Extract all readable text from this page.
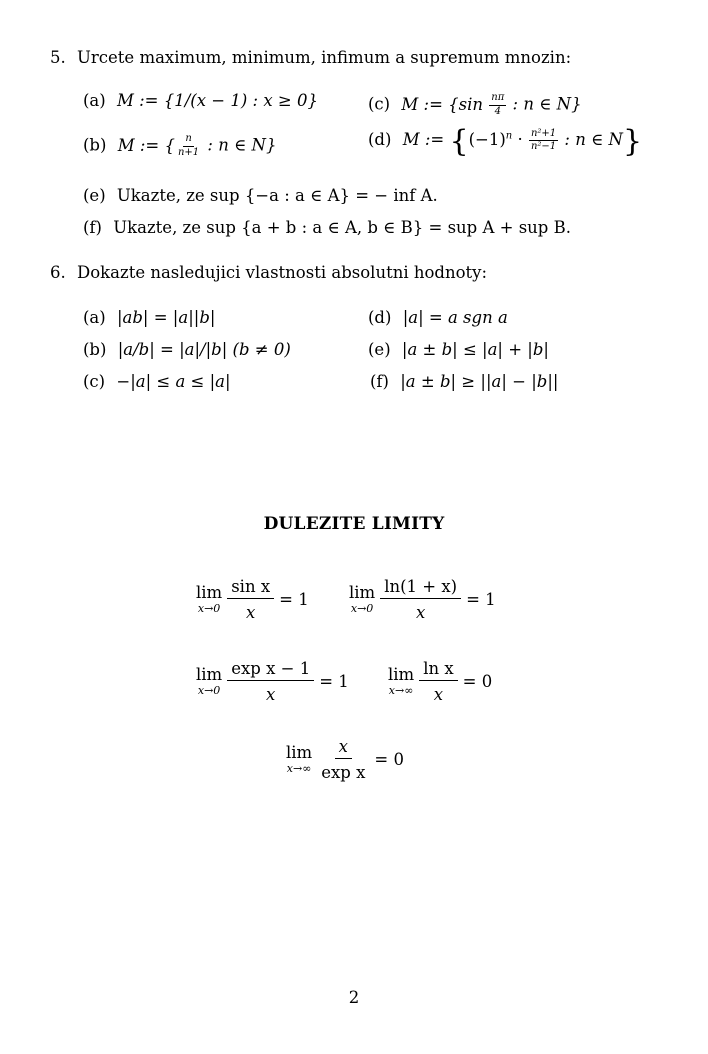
5. Urcete maximum, minimum, infimum a supremum mnozin:
(a) M := {1/(x − 1) : x ≥ 0}	(c) M := {$\sin \frac{n\pi}{4}$ : n ∈ N}
(b) M := { $\frac{n}{n+1}$ : n ∈ N}	(d) M := {$(-1)^n \cdot \frac{\text{n²+1}}{\text{n²−1}}$ : n ∈ N}
(e) Ukazte, ze sup {−a : a ∈ A} = − inf A.
(f) Ukazte, ze sup {a + b : a ∈ A, b ∈ B} = sup A + sup B.
6. Dokazte nasledujici vlastnosti absolutni hodnoty:
(a) |ab| = |a||b|	(d) |a| = a sgn a
(b) |a/b| = |a|/|b| (b ≠ 0)	(e) |a ± b| ≤ |a| + |b|
(c) −|a| ≤ a ≤ |a|	(f) |a ± b| ≥ ||a| − |b||
DULEZITE LIMITY
lim
$x\to 0 \frac{\text{sin x}}{x} = 1$ lim
$x\to 0 \frac{\ln(1 + x)}{x} = 1$
lim
$x\to 0 \frac{\text{exp x − 1}}{x} = 1$ lim
$x\to\infty \frac{\text{ln x}}{x} = 0$
lim
$x\to\infty \frac{x}{\text{exp x}} = 0$
2
